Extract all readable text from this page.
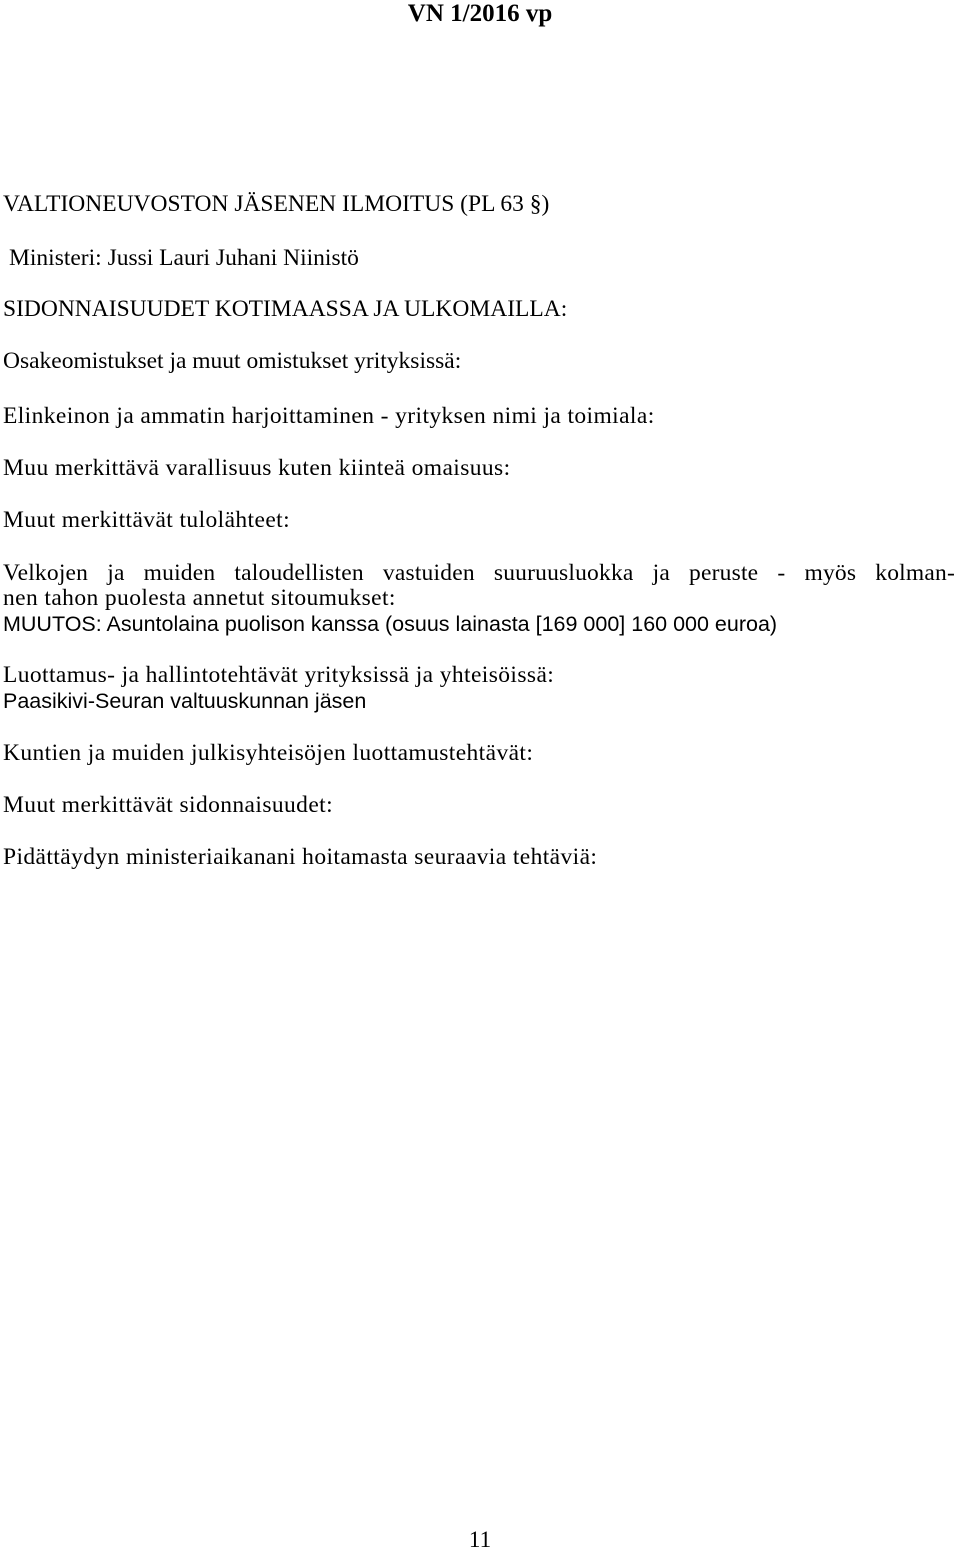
VN 1/2016 vp
VALTIONEUVOSTON JÄSENEN ILMOITUS (PL 63 §)
Ministeri: Jussi Lauri Juhani Niinistö
SIDONNAISUUDET KOTIMAASSA JA ULKOMAILLA:
Osakeomistukset ja muut omistukset yrityksissä:
Elinkeinon ja ammatin harjoittaminen - yrityksen nimi ja toimiala:
Muu merkittävä varallisuus kuten kiinteä omaisuus:
Muut merkittävät tulolähteet:
Velkojen ja muiden taloudellisten vastuiden suuruusluokka ja peruste - myös kolman-
nen tahon puolesta annetut sitoumukset:
MUUTOS: Asuntolaina puolison kanssa (osuus lainasta [169 000] 160 000 euroa)
Luottamus- ja hallintotehtävät yrityksissä ja yhteisöissä:
Paasikivi-Seuran valtuuskunnan jäsen
Kuntien ja muiden julkisyhteisöjen luottamustehtävät:
Muut merkittävät sidonnaisuudet:
Pidättäydyn ministeriaikanani hoitamasta seuraavia tehtäviä:
11
